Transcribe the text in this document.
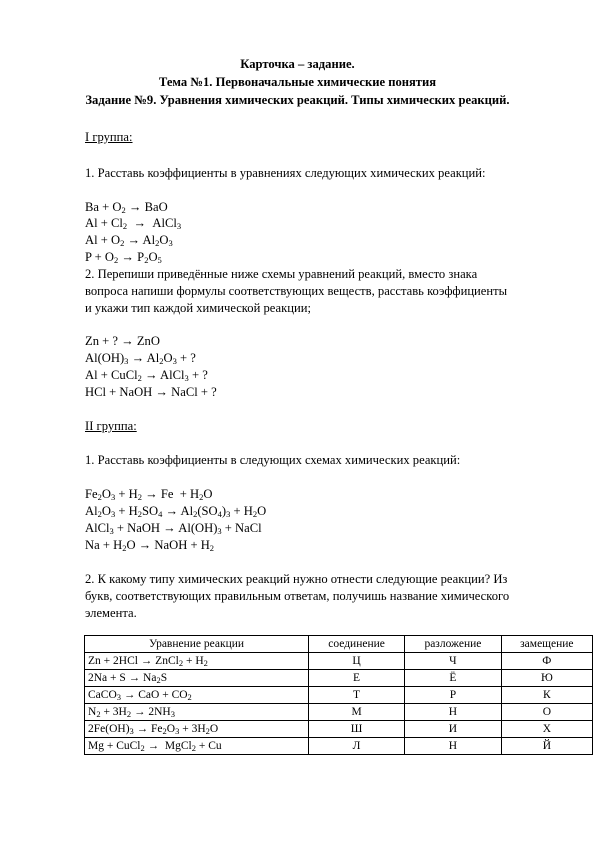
Карточка – задание.
Тема №1. Первоначальные химические понятия
Задание №9. Уравнения химических реакций. Типы химических реакций.
I группа:
1. Расставь коэффициенты в уравнениях следующих химических реакций:
$Ba + O_2$ → BaO
$Al + Cl_2$  →  AlCl$_3$
$Al + O_2 \to Al_2O_3$
$P + O_2 \to P_2O_5$
2. Перепиши приведённые ниже схемы уравнений реакций, вместо знака
вопроса напиши формулы соответствующих веществ, расставь коэффициенты
и укажи тип каждой химической реакции;
Zn + ? → ZnO
$Al(OH)_3 \to Al_2O_3$ + ?
Al + CuCl$_2$ → AlCl$_3$ + ?
HCl + NaOH → NaCl + ?
II группа:
1. Расставь коэффициенты в следующих схемах химических реакций:
$Fe_2O_3 + H_2 \to Fe + H_2O$
$Al_2O_3 + H_2SO_4 \to Al_2(SO_4)_3 + H_2O$
AlCl$_3$ + NaOH → $Al(OH)_3$ + NaCl
$Na + H_2O$ → NaOH + $H_2$
2. К какому типу химических реакций нужно отнести следующие реакции? Из
букв, соответствующих правильным ответам, получишь название химического
элемента.
Уравнение реакции	соединение	разложение	замещение
Zn + 2HCl → ZnCl$_2$ + $H_2$	Ц	Ч	Ф
$2Na + S \to Na_2S$	Е	Ё	Ю
CaCO$_3$ → CaO + $CO_2$	Т	Р	К
$N_2 + 3H_2 \to 2NH_3$	М	Н	О
$2Fe(OH)_3 \to Fe_2O_3 + 3H_2O$	Ш	И	Х
Mg + CuCl$_2$ →  MgCl$_2$ + Cu	Л	Н	Й
